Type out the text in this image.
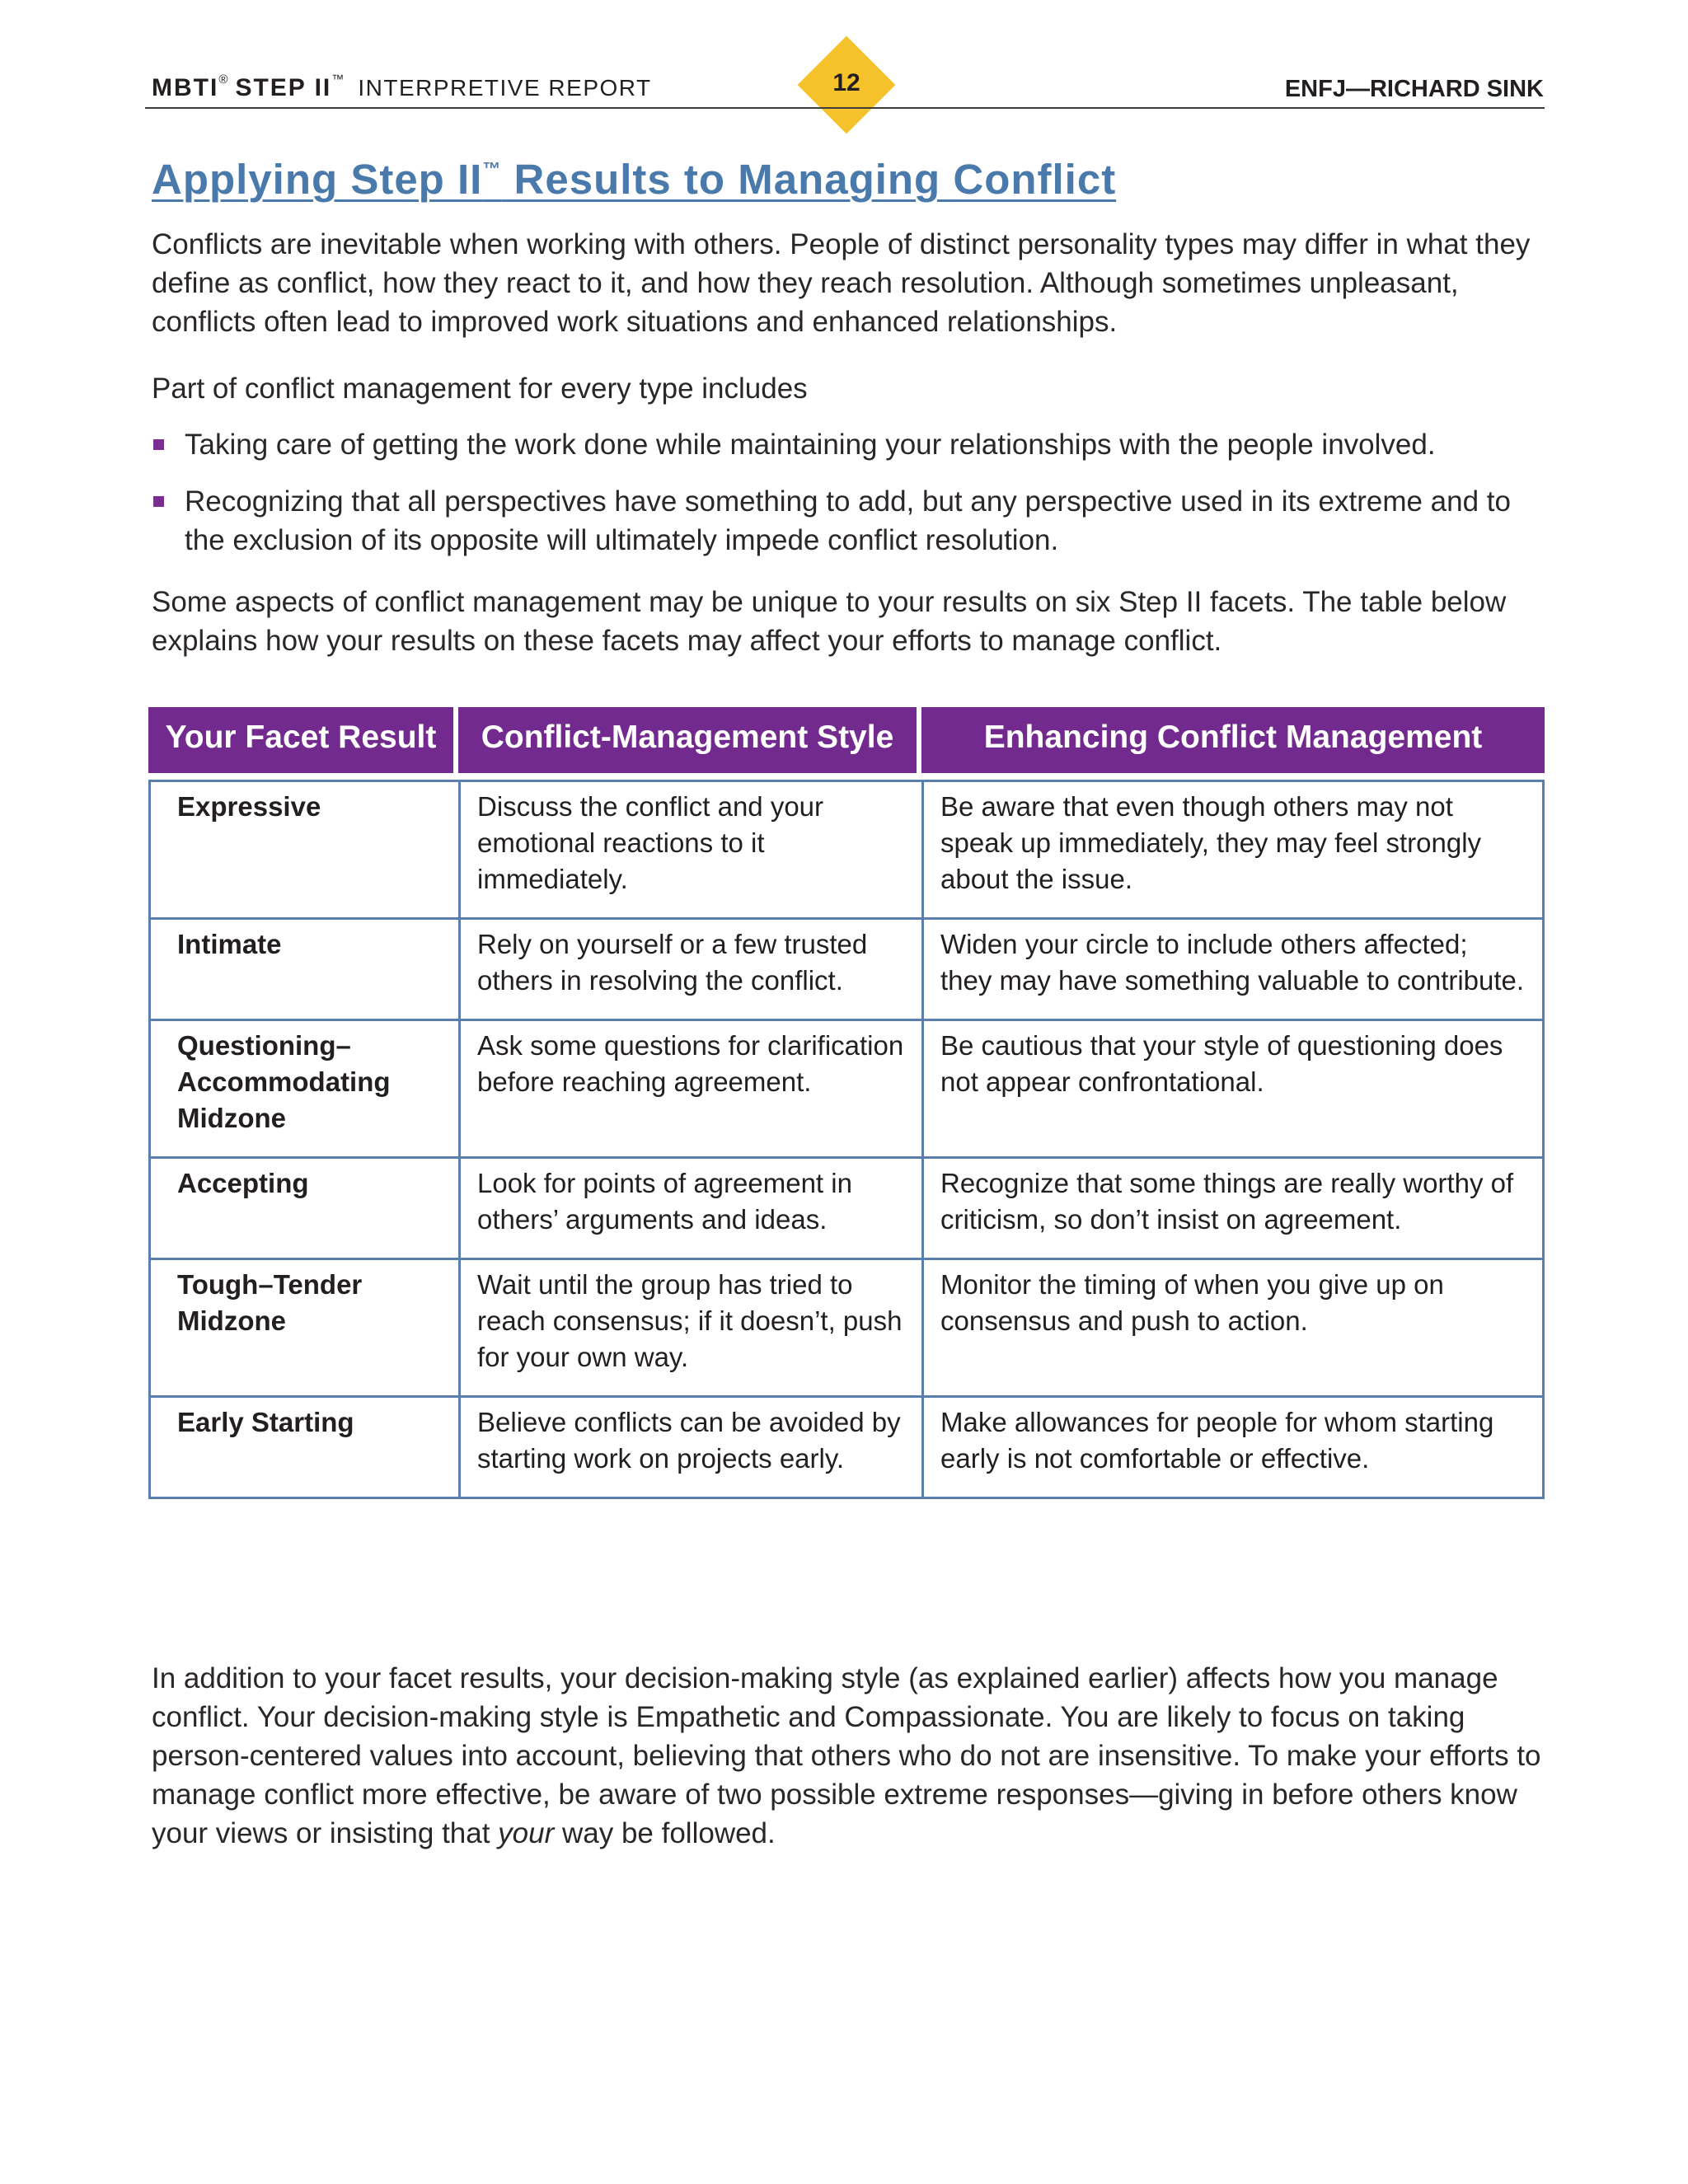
MBTI® STEP II™ INTERPRETIVE REPORT	12	ENFJ—RICHARD SINK
Applying Step II™ Results to Managing Conflict

Conflicts are inevitable when working with others. People of distinct personality types may differ in what they define as conflict, how they react to it, and how they reach resolution. Although sometimes unpleasant, conflicts often lead to improved work situations and enhanced relationships.

Part of conflict management for every type includes

Taking care of getting the work done while maintaining your relationships with the people involved.
Recognizing that all perspectives have something to add, but any perspective used in its extreme and to the exclusion of its opposite will ultimately impede conflict resolution.

Some aspects of conflict management may be unique to your results on six Step II facets. The table below explains how your results on these facets may affect your efforts to manage conflict.

Your Facet Result	Conflict-Management Style	Enhancing Conflict Management

Expressive	Discuss the conflict and your emotional reactions to it immediately.	Be aware that even though others may not speak up immediately, they may feel strongly about the issue.
Intimate	Rely on yourself or a few trusted others in resolving the conflict.	Widen your circle to include others affected; they may have something valuable to contribute.
Questioning–Accommodating Midzone	Ask some questions for clarification before reaching agreement.	Be cautious that your style of questioning does not appear confrontational.
Accepting	Look for points of agreement in others’ arguments and ideas.	Recognize that some things are really worthy of criticism, so don’t insist on agreement.
Tough–Tender Midzone	Wait until the group has tried to reach consensus; if it doesn’t, push for your own way.	Monitor the timing of when you give up on consensus and push to action.
Early Starting	Believe conflicts can be avoided by starting work on projects early.	Make allowances for people for whom starting early is not comfortable or effective.

In addition to your facet results, your decision-making style (as explained earlier) affects how you manage conflict. Your decision-making style is Empathetic and Compassionate. You are likely to focus on taking person-centered values into account, believing that others who do not are insensitive. To make your efforts to manage conflict more effective, be aware of two possible extreme responses—giving in before others know your views or insisting that your way be followed.
